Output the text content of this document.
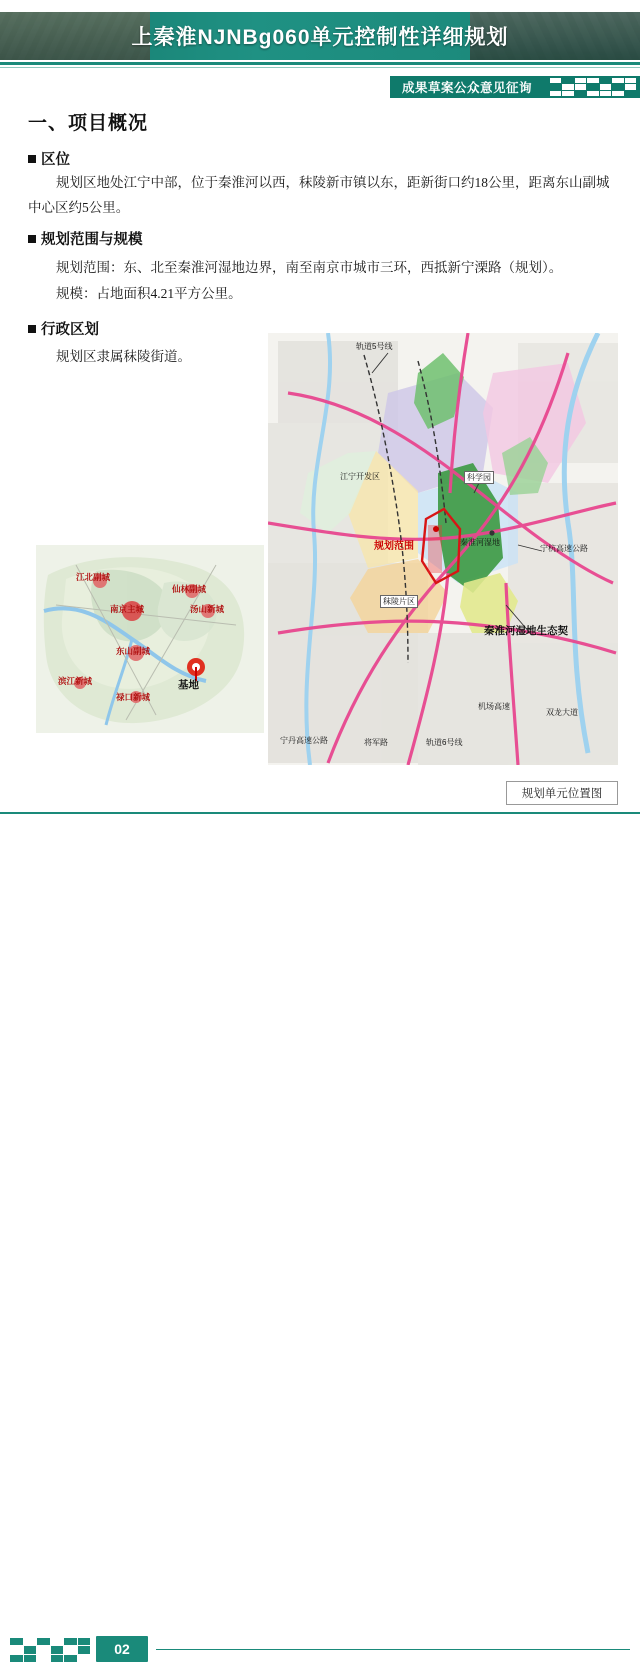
上秦淮NJNBg060单元控制性详细规划
成果草案公众意见征询
一、项目概况
区位
规划区地处江宁中部，位于秦淮河以西，秣陵新市镇以东，距新街口约18公里，距离东山副城中心区约5公里。
规划范围与规模
规划范围：东、北至秦淮河湿地边界，南至南京市城市三环，西抵新宁溧路（规划）。
规模：占地面积4.21平方公里。
行政区划
规划区隶属秣陵街道。
轨道5号线
江宁开发区	科学园
秦淮河湿地
规划范围	宁杭高速公路
秣陵片区
秦淮河湿地生态契
机场高速
双龙大道
宁丹高速公路	将军路	轨道6号线
江北副城
仙林副城
南京主城	汤山新城
东山副城
基地
滨江新城
禄口新城
规划单元位置图
02
